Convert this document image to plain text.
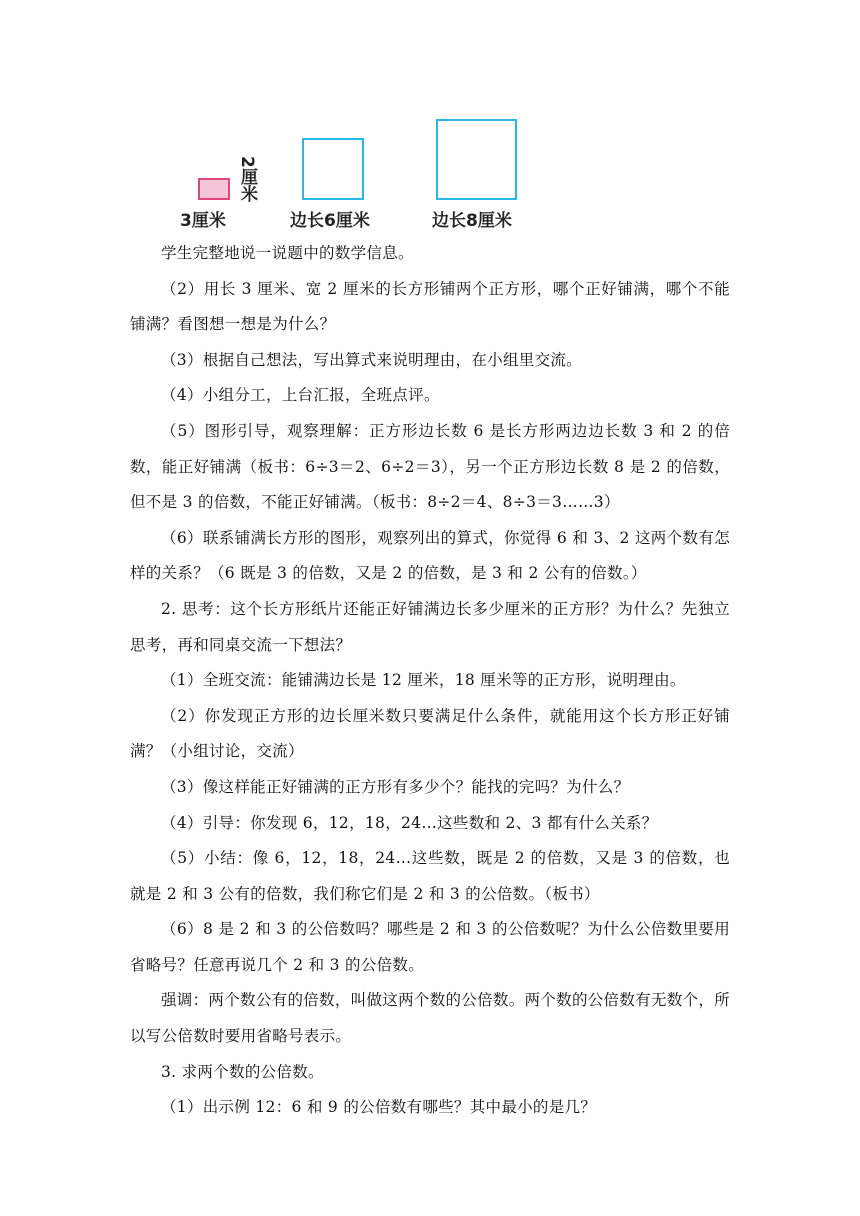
2厘米
3厘米	边长6厘米	边长8厘米

学生完整地说一说题中的数学信息。

（2）用长 3 厘米、宽 2 厘米的长方形铺两个正方形，哪个正好铺满，哪个不能铺满？看图想一想是为什么？

（3）根据自己想法，写出算式来说明理由，在小组里交流。

（4）小组分工，上台汇报，全班点评。

（5）图形引导，观察理解：正方形边长数 6 是长方形两边边长数 3 和 2 的倍数，能正好铺满（板书：6÷3＝2、6÷2＝3），另一个正方形边长数 8 是 2 的倍数，但不是 3 的倍数，不能正好铺满。（板书：8÷2＝4、8÷3＝3……3）

（6）联系铺满长方形的图形，观察列出的算式，你觉得 6 和 3、2 这两个数有怎样的关系？（6 既是 3 的倍数，又是 2 的倍数，是 3 和 2 公有的倍数。）

2. 思考：这个长方形纸片还能正好铺满边长多少厘米的正方形？为什么？先独立思考，再和同桌交流一下想法？

（1）全班交流：能铺满边长是 12 厘米，18 厘米等的正方形，说明理由。

（2）你发现正方形的边长厘米数只要满足什么条件，就能用这个长方形正好铺满？（小组讨论，交流）

（3）像这样能正好铺满的正方形有多少个？能找的完吗？为什么？

（4）引导：你发现 6，12，18，24…这些数和 2、3 都有什么关系？

（5）小结：像 6，12，18，24…这些数，既是 2 的倍数，又是 3 的倍数，也就是 2 和 3 公有的倍数，我们称它们是 2 和 3 的公倍数。（板书）

（6）8 是 2 和 3 的公倍数吗？哪些是 2 和 3 的公倍数呢？为什么公倍数里要用省略号？任意再说几个 2 和 3 的公倍数。

强调：两个数公有的倍数，叫做这两个数的公倍数。两个数的公倍数有无数个，所以写公倍数时要用省略号表示。

3. 求两个数的公倍数。

（1）出示例 12：6 和 9 的公倍数有哪些？其中最小的是几？
